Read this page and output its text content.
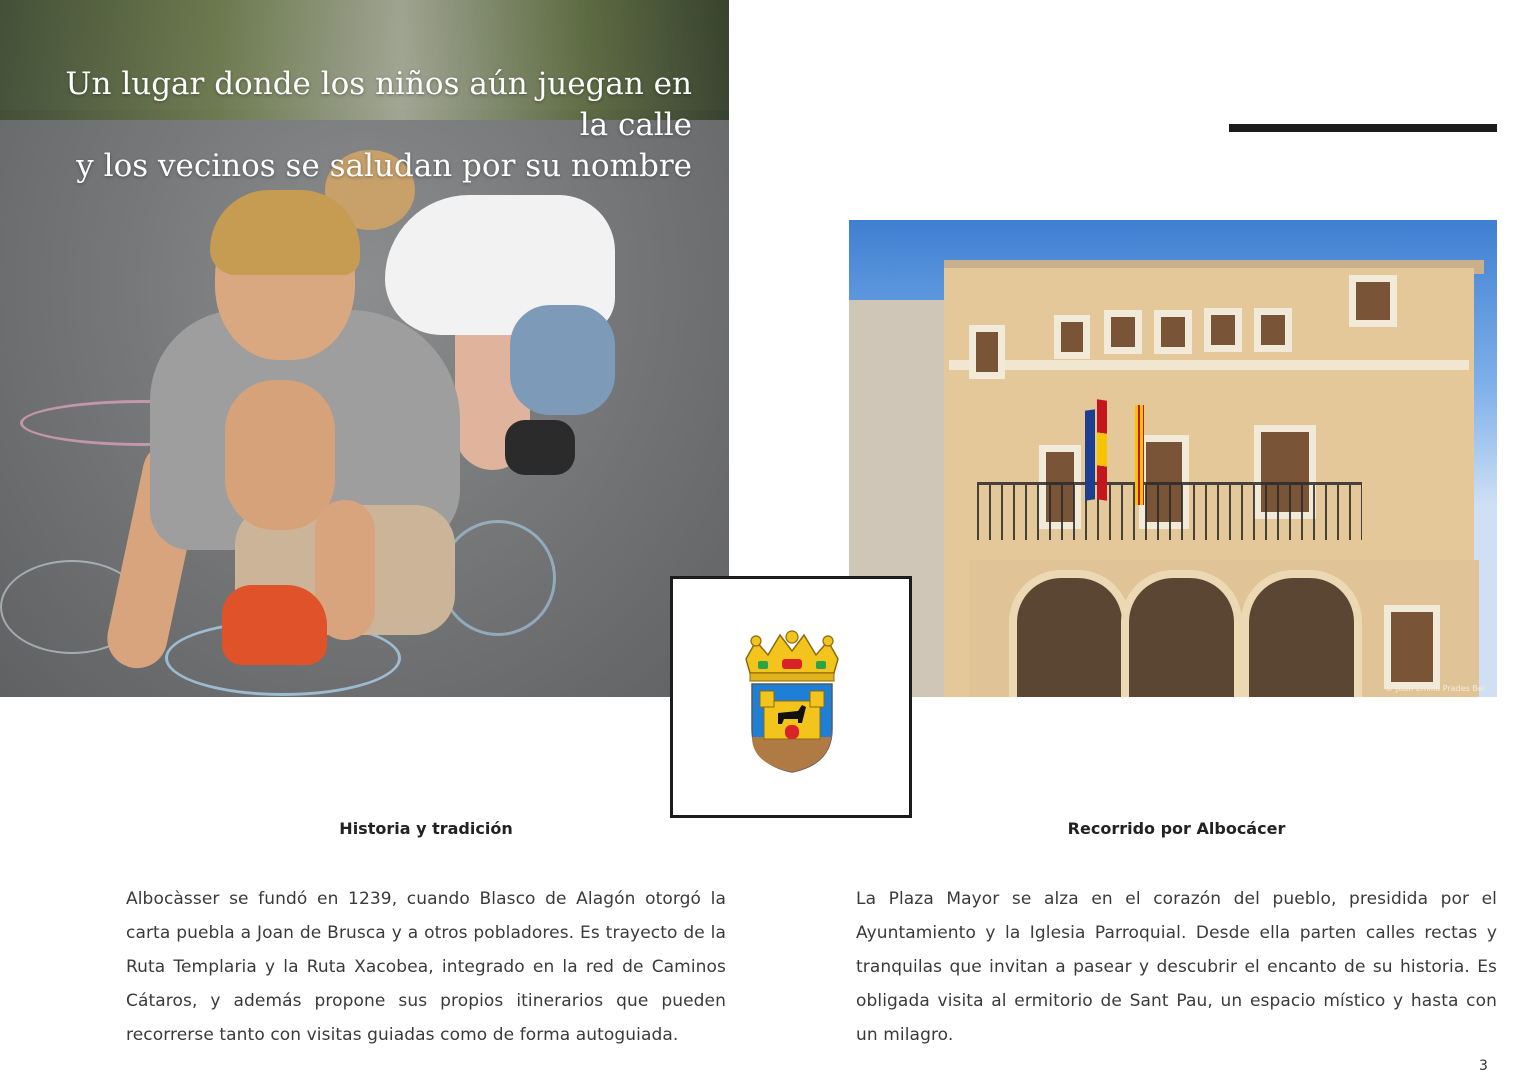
Un lugar donde los niños aún juegan en la calle
y los vecinos se saludan por su nombre
© Juan Emilio Prades Bel
Historia y tradición	Recorrido por Albocácer

Albocàsser se fundó en 1239, cuando Blasco de Alagón otorgó la carta puebla a Joan de Brusca y a otros pobladores. Es trayecto de la Ruta Templaria y la Ruta Xacobea, integrado en la red de Caminos Cátaros, y además propone sus propios itinerarios que pueden recorrerse tanto con visitas guiadas como de forma autoguiada.

La Plaza Mayor se alza en el corazón del pueblo, presidida por el Ayuntamiento y la Iglesia Parroquial. Desde ella parten calles rectas y tranquilas que invitan a pasear y descubrir el encanto de su historia. Es obligada visita al ermitorio de Sant Pau, un espacio místico y hasta con un milagro.

3
